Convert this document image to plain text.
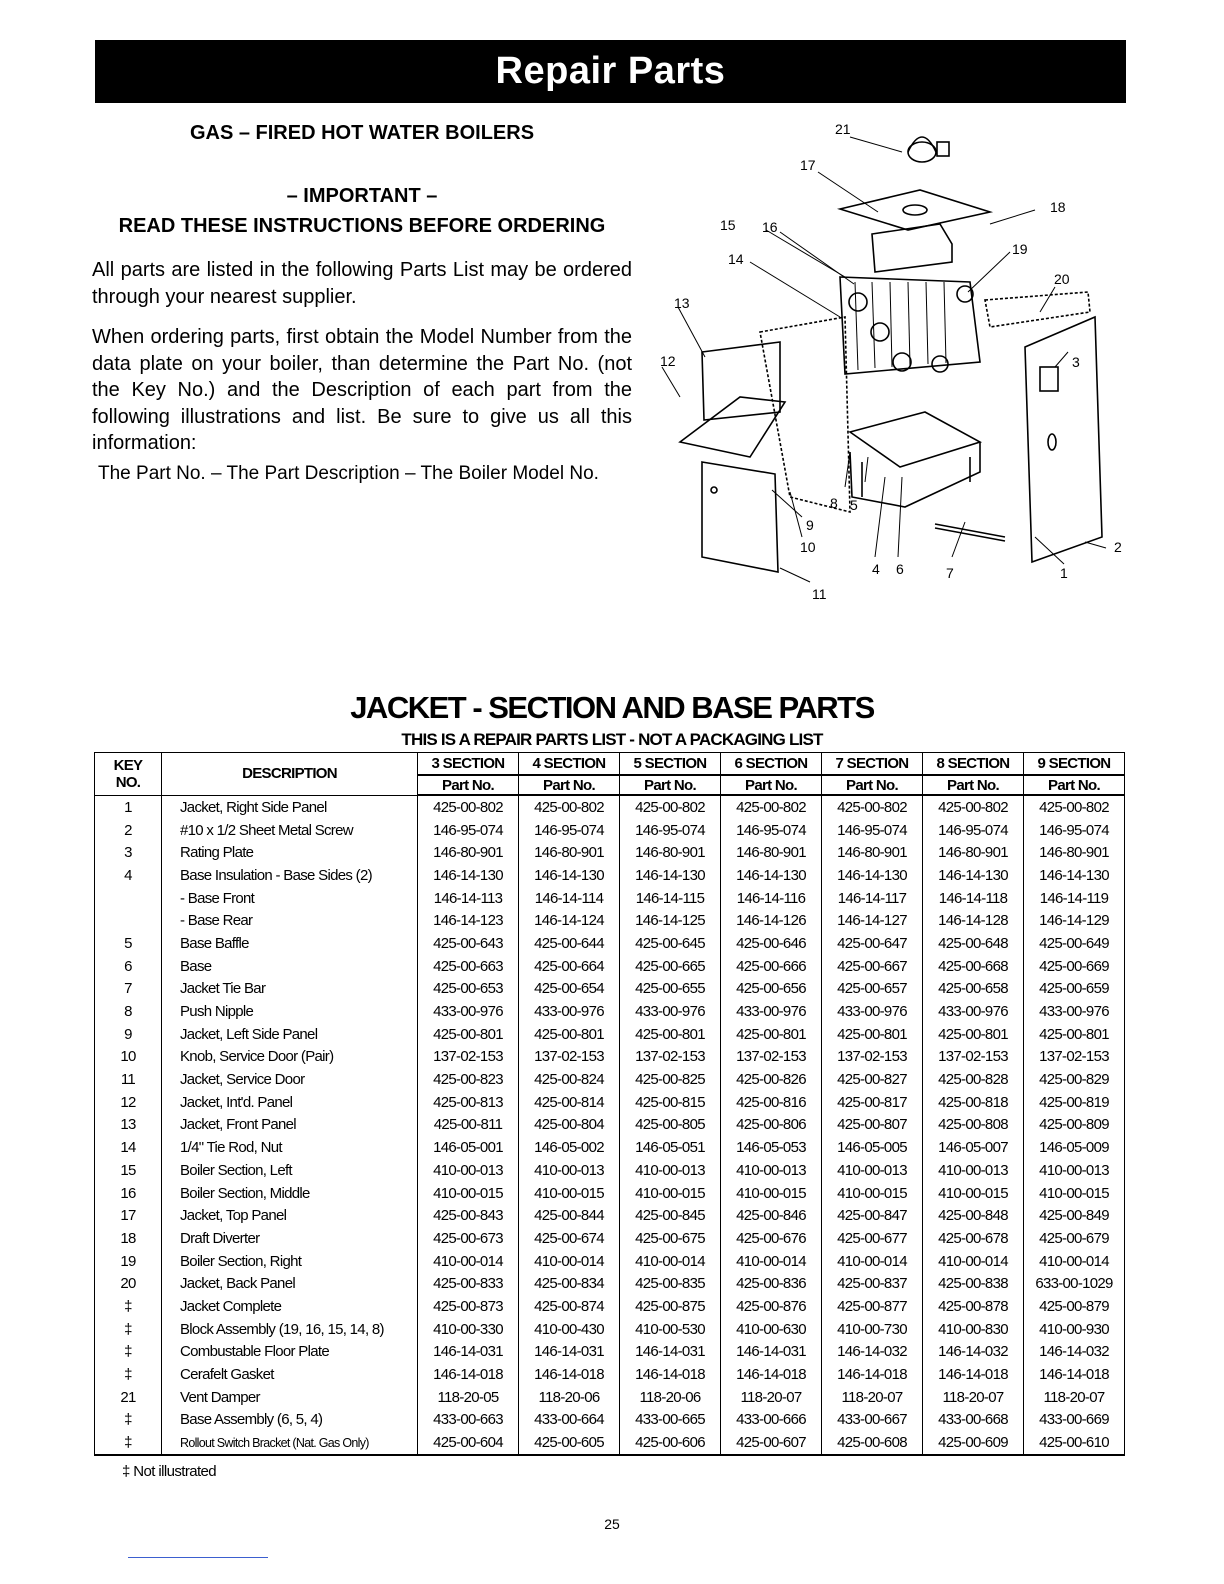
Repair Parts
GAS – FIRED HOT WATER BOILERS
– IMPORTANT –
READ THESE INSTRUCTIONS BEFORE ORDERING

All parts are listed in the following Parts List may be ordered through your nearest supplier.

When ordering parts, first obtain the Model Number from the data plate on your boiler, than determine the Part No. (not the Key No.) and the Description of each part from the following illustrations and list. Be sure to give us all this information:

The Part No. – The Part Description – The Boiler Model No.
21
17
18
15 16
19
14
20
13
12	3
9
8 5
10	2
4 6	7	1
11
JACKET - SECTION AND BASE PARTS
THIS IS A REPAIR PARTS LIST - NOT A PACKAGING LIST
KEY
NO.	DESCRIPTION	3 SECTION	4 SECTION	5 SECTION	6 SECTION	7 SECTION	8 SECTION	9 SECTION
		Part No.	Part No.	Part No.	Part No.	Part No.	Part No.	Part No.
1	Jacket, Right Side Panel	425-00-802	425-00-802	425-00-802	425-00-802	425-00-802	425-00-802	425-00-802
2	#10 x 1/2 Sheet Metal Screw	146-95-074	146-95-074	146-95-074	146-95-074	146-95-074	146-95-074	146-95-074
3	Rating Plate	146-80-901	146-80-901	146-80-901	146-80-901	146-80-901	146-80-901	146-80-901
4	Base Insulation - Base Sides (2)	146-14-130	146-14-130	146-14-130	146-14-130	146-14-130	146-14-130	146-14-130
	- Base Front	146-14-113	146-14-114	146-14-115	146-14-116	146-14-117	146-14-118	146-14-119
	- Base Rear	146-14-123	146-14-124	146-14-125	146-14-126	146-14-127	146-14-128	146-14-129
5	Base Baffle	425-00-643	425-00-644	425-00-645	425-00-646	425-00-647	425-00-648	425-00-649
6	Base	425-00-663	425-00-664	425-00-665	425-00-666	425-00-667	425-00-668	425-00-669
7	Jacket Tie Bar	425-00-653	425-00-654	425-00-655	425-00-656	425-00-657	425-00-658	425-00-659
8	Push Nipple	433-00-976	433-00-976	433-00-976	433-00-976	433-00-976	433-00-976	433-00-976
9	Jacket, Left Side Panel	425-00-801	425-00-801	425-00-801	425-00-801	425-00-801	425-00-801	425-00-801
10	Knob, Service Door (Pair)	137-02-153	137-02-153	137-02-153	137-02-153	137-02-153	137-02-153	137-02-153
11	Jacket, Service Door	425-00-823	425-00-824	425-00-825	425-00-826	425-00-827	425-00-828	425-00-829
12	Jacket, Int'd. Panel	425-00-813	425-00-814	425-00-815	425-00-816	425-00-817	425-00-818	425-00-819
13	Jacket, Front Panel	425-00-811	425-00-804	425-00-805	425-00-806	425-00-807	425-00-808	425-00-809
14	1/4" Tie Rod, Nut	146-05-001	146-05-002	146-05-051	146-05-053	146-05-005	146-05-007	146-05-009
15	Boiler Section, Left	410-00-013	410-00-013	410-00-013	410-00-013	410-00-013	410-00-013	410-00-013
16	Boiler Section, Middle	410-00-015	410-00-015	410-00-015	410-00-015	410-00-015	410-00-015	410-00-015
17	Jacket, Top Panel	425-00-843	425-00-844	425-00-845	425-00-846	425-00-847	425-00-848	425-00-849
18	Draft Diverter	425-00-673	425-00-674	425-00-675	425-00-676	425-00-677	425-00-678	425-00-679
19	Boiler Section, Right	410-00-014	410-00-014	410-00-014	410-00-014	410-00-014	410-00-014	410-00-014
20	Jacket, Back Panel	425-00-833	425-00-834	425-00-835	425-00-836	425-00-837	425-00-838	633-00-1029
‡	Jacket Complete	425-00-873	425-00-874	425-00-875	425-00-876	425-00-877	425-00-878	425-00-879
‡	Block Assembly (19, 16, 15, 14, 8)	410-00-330	410-00-430	410-00-530	410-00-630	410-00-730	410-00-830	410-00-930
‡	Combustable Floor Plate	146-14-031	146-14-031	146-14-031	146-14-031	146-14-032	146-14-032	146-14-032
‡	Cerafelt Gasket	146-14-018	146-14-018	146-14-018	146-14-018	146-14-018	146-14-018	146-14-018
21	Vent Damper	118-20-05	118-20-06	118-20-06	118-20-07	118-20-07	118-20-07	118-20-07
‡	Base Assembly (6, 5, 4)	433-00-663	433-00-664	433-00-665	433-00-666	433-00-667	433-00-668	433-00-669
‡	Rollout Switch Bracket (Nat. Gas Only)	425-00-604	425-00-605	425-00-606	425-00-607	425-00-608	425-00-609	425-00-610
‡ Not illustrated
25
